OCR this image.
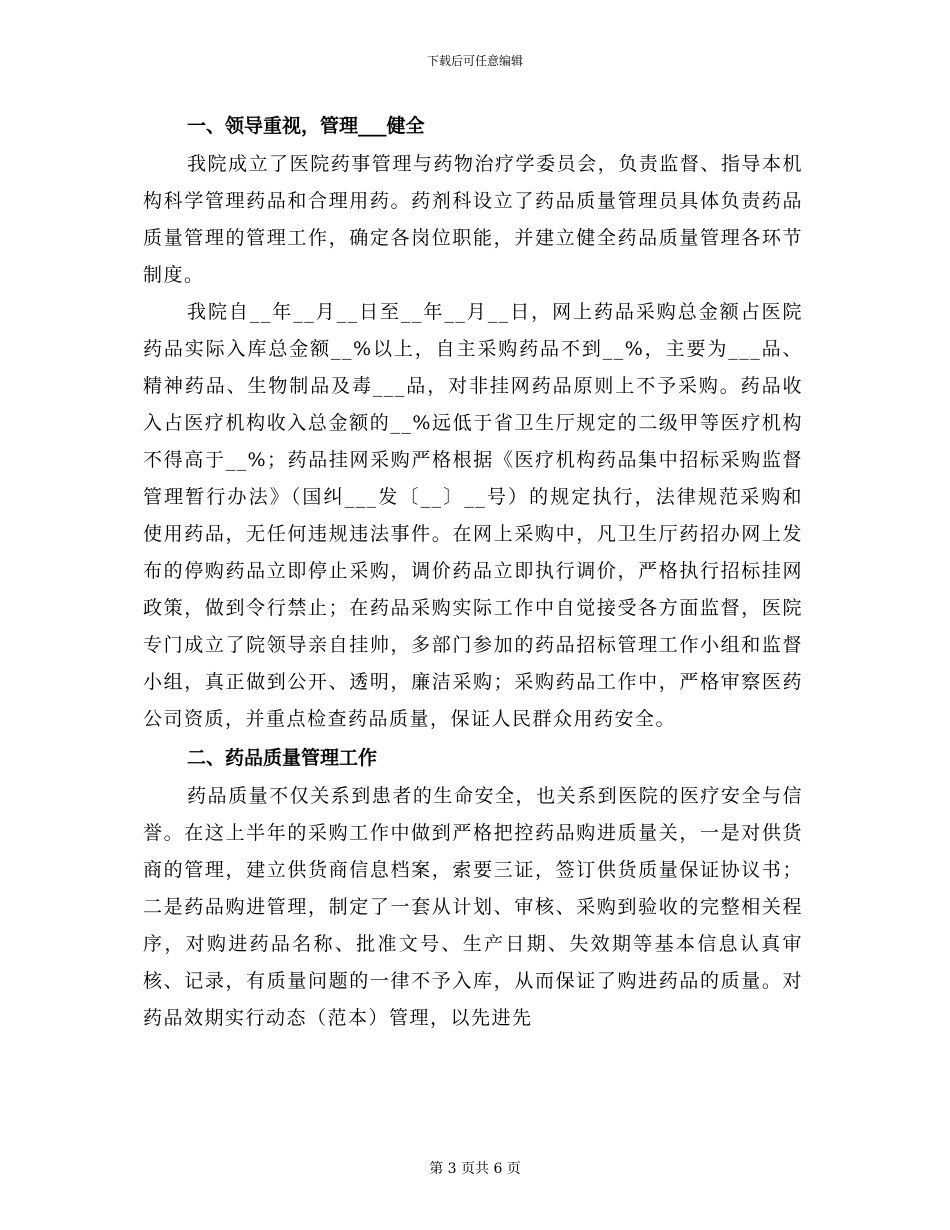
下载后可任意编辑
一、领导重视，管理___健全

我院成立了医院药事管理与药物治疗学委员会，负责监督、指导本机构科学管理药品和合理用药。药剂科设立了药品质量管理员具体负责药品质量管理的管理工作，确定各岗位职能，并建立健全药品质量管理各环节制度。

我院自__年__月__日至__年__月__日，网上药品采购总金额占医院药品实际入库总金额__%以上，自主采购药品不到__%，主要为___品、精神药品、生物制品及毒___品，对非挂网药品原则上不予采购。药品收入占医疗机构收入总金额的__%远低于省卫生厅规定的二级甲等医疗机构不得高于__%；药品挂网采购严格根据《医疗机构药品集中招标采购监督管理暂行办法》（国纠___发〔__〕__号）的规定执行，法律规范采购和使用药品，无任何违规违法事件。在网上采购中，凡卫生厅药招办网上发布的停购药品立即停止采购，调价药品立即执行调价，严格执行招标挂网政策，做到令行禁止；在药品采购实际工作中自觉接受各方面监督，医院专门成立了院领导亲自挂帅，多部门参加的药品招标管理工作小组和监督小组，真正做到公开、透明，廉洁采购；采购药品工作中，严格审察医药公司资质，并重点检查药品质量，保证人民群众用药安全。

二、药品质量管理工作

药品质量不仅关系到患者的生命安全，也关系到医院的医疗安全与信誉。在这上半年的采购工作中做到严格把控药品购进质量关，一是对供货商的管理，建立供货商信息档案，索要三证，签订供货质量保证协议书；二是药品购进管理，制定了一套从计划、审核、采购到验收的完整相关程序，对购进药品名称、批准文号、生产日期、失效期等基本信息认真审核、记录，有质量问题的一律不予入库，从而保证了购进药品的质量。对药品效期实行动态（范本）管理，以先进先

第 3 页共 6 页
